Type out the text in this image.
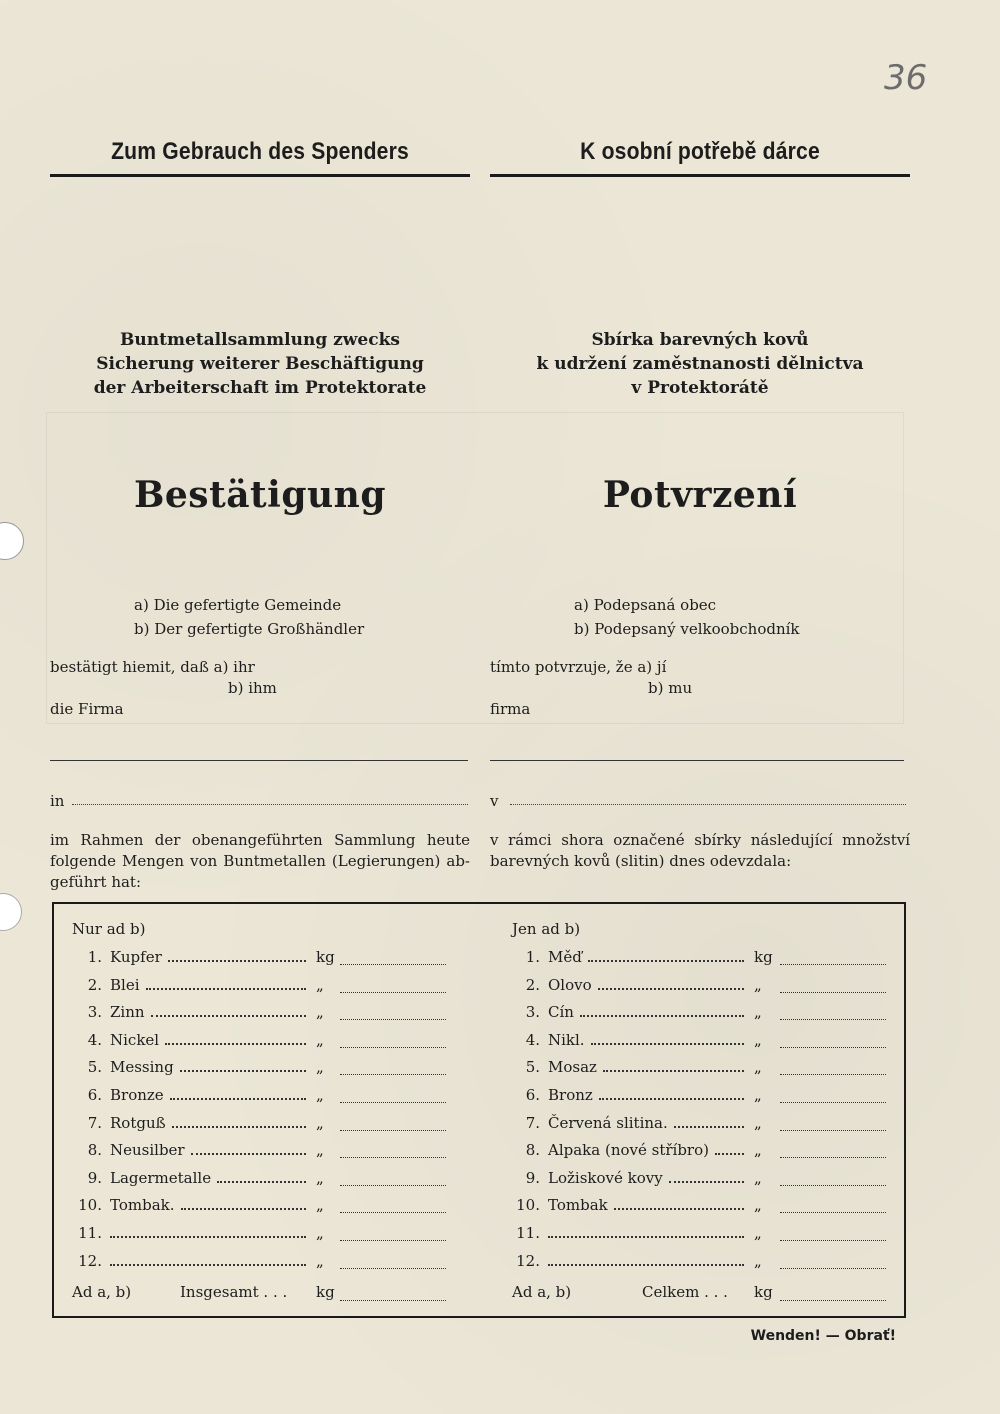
36
Zum Gebrauch des Spenders	K osobní potřebě dárce
Buntmetallsammlung zwecks
Sicherung weiterer Beschäftigung
der Arbeiterschaft im Protektorate
Sbírka barevných kovů
k udržení zaměstnanosti dělnictva
v Protektorátě
Bestätigung	Potvrzení
a) Die gefertigte Gemeinde
b) Der gefertigte Großhändler
a) Podepsaná obec
b) Podepsaný velkoobchodník
bestätigt hiemit, daß a) ihr
b) ihm
die Firma
tímto potvrzuje, že a) jí
b) mu
firma
in	v
im Rahmen der obenangeführten Sammlung heute
folgende Mengen von Buntmetallen (Legierungen) ab-
geführt hat:
v rámci shora označené sbírky následující množství
barevných kovů (slitin) dnes odevzdala:
Nur ad b)	Jen ad b)
1. Kupfer	kg
2. Blei	„
3. Zinn	„
4. Nickel	„
5. Messing	„
6. Bronze	„
7. Rotguß	„
8. Neusilber	„
9. Lagermetalle	„
10. Tombak.	„
11.	„
12.	„
1. Měď	kg
2. Olovo	„
3. Cín	„
4. Nikl.	„
5. Mosaz	„
6. Bronz	„
7. Červená slitina.	„
8. Alpaka (nové stříbro)	„
9. Ložiskové kovy	„
10. Tombak	„
11.	„
12.	„
Ad a, b)	Insgesamt . . . kg	Ad a, b)	Celkem . . . kg
Wenden! — Obrať!
